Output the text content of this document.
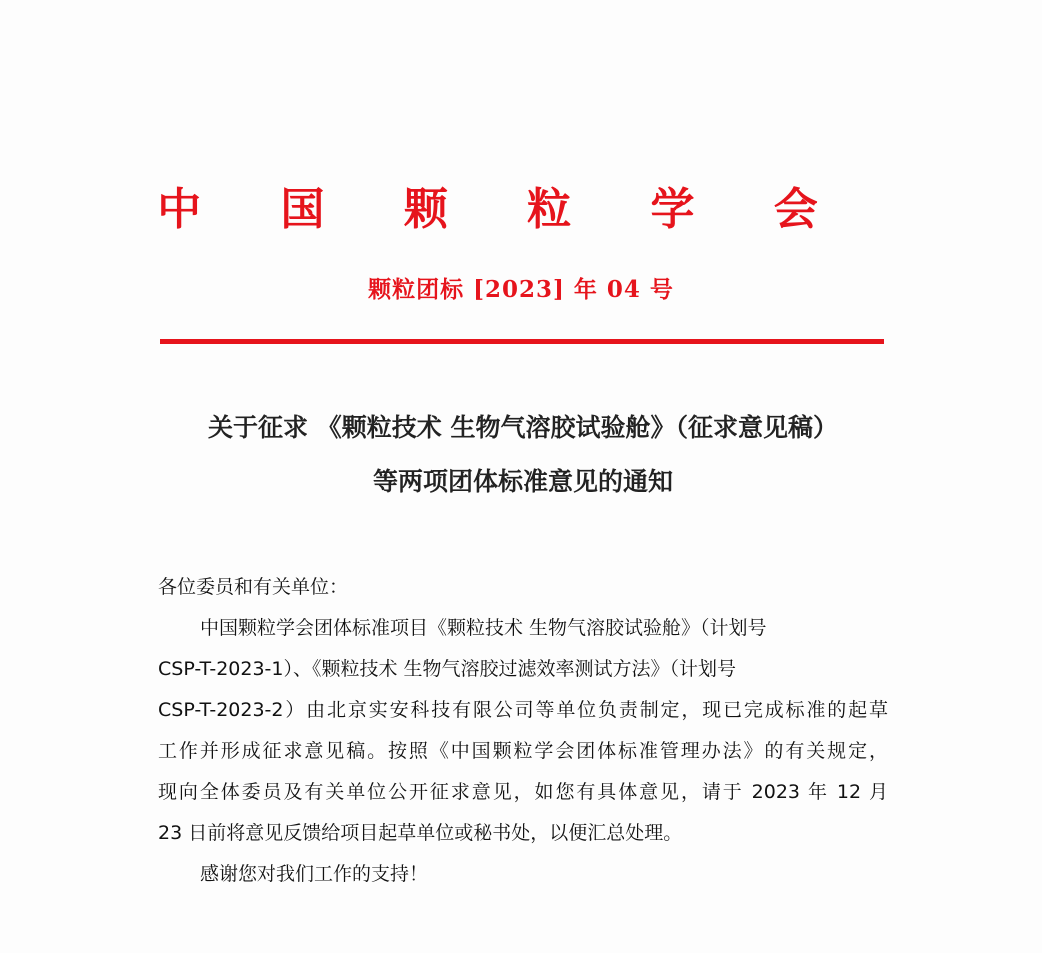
中 国 颗 粒 学 会
颗粒团标 [2023] 年 04 号
关于征求 《颗粒技术 生物气溶胶试验舱》（征求意见稿）
等两项团体标准意见的通知
各位委员和有关单位：
中国颗粒学会团体标准项目《颗粒技术 生物气溶胶试验舱》（计划号
CSP-T-2023-1）、《颗粒技术 生物气溶胶过滤效率测试方法》（计划号
CSP-T-2023-2）由北京实安科技有限公司等单位负责制定，现已完成标准的起草
工作并形成征求意见稿。按照《中国颗粒学会团体标准管理办法》的有关规定，
现向全体委员及有关单位公开征求意见，如您有具体意见，请于 2023 年 12 月
23 日前将意见反馈给项目起草单位或秘书处，以便汇总处理。
感谢您对我们工作的支持！
